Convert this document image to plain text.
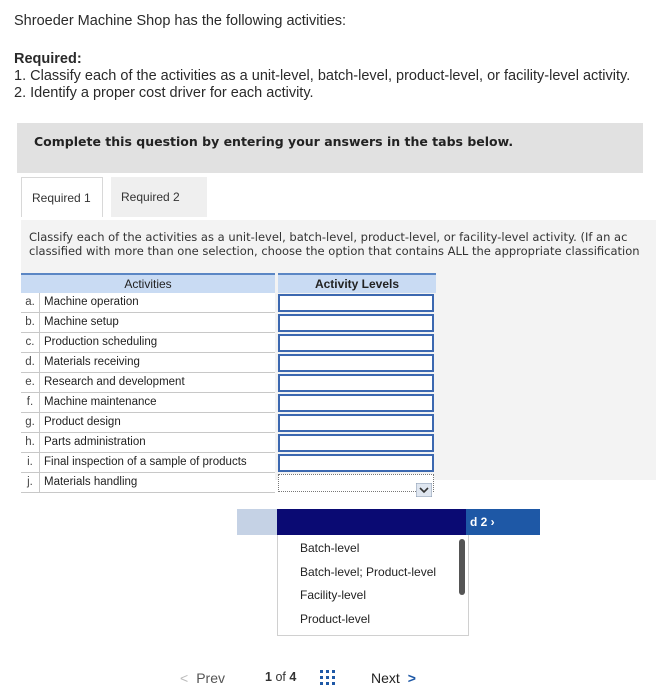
Shroeder Machine Shop has the following activities:
Required:
1. Classify each of the activities as a unit-level, batch-level, product-level, or facility-level activity.
2. Identify a proper cost driver for each activity.
Complete this question by entering your answers in the tabs below.
Required 1	Required 2
Classify each of the activities as a unit-level, batch-level, product-level, or facility-level activity. (If an ac
classified with more than one selection, choose the option that contains ALL the appropriate classification
Activities	Activity Levels
a. Machine operation
b. Machine setup
c. Production scheduling
d. Materials receiving
e. Research and development
f. Machine maintenance
g. Product design
h. Parts administration
i. Final inspection of a sample of products
j. Materials handling
d 2 ›
Batch-level
Batch-level; Product-level
Facility-level
Product-level
< Prev	1 of 4	Next >
